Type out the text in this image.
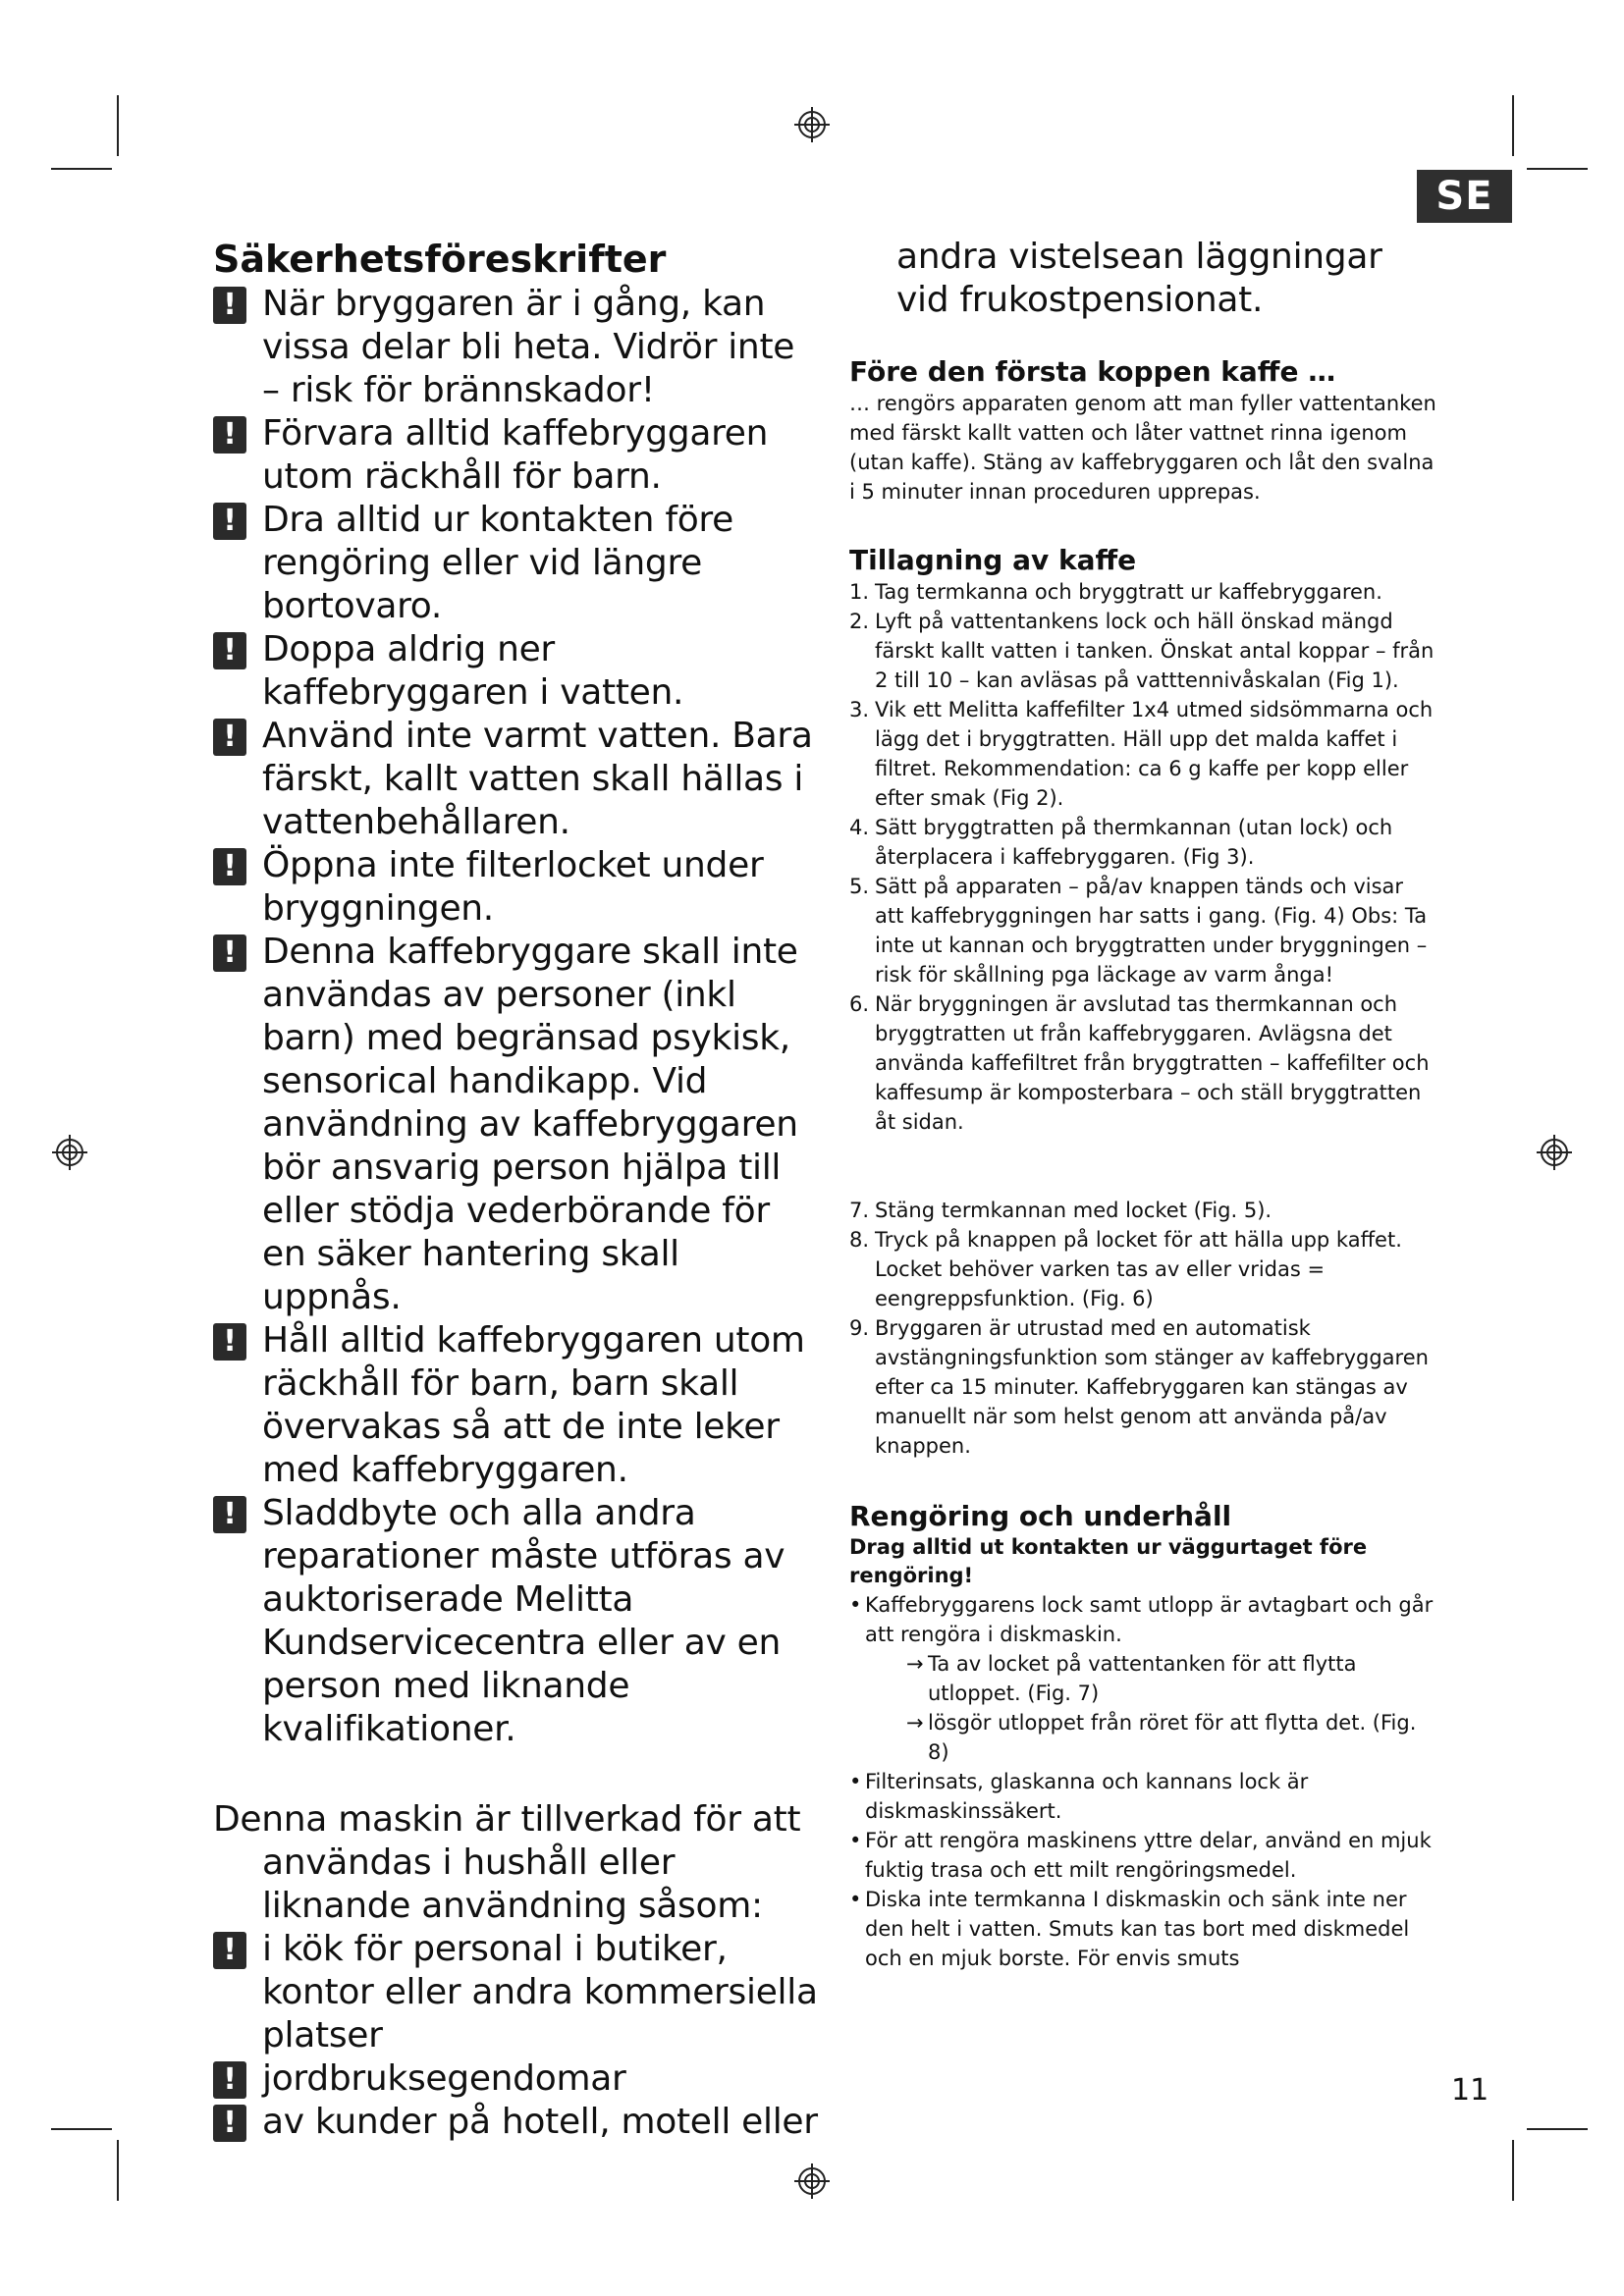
SE
Säkerhetsföreskrifter
! När bryggaren är i gång, kan vissa delar bli heta. Vidrör inte – risk för brännskador!
! Förvara alltid kaffebryggaren utom räckhåll för barn.
! Dra alltid ur kontakten före rengöring eller vid längre bortovaro.
! Doppa aldrig ner kaffebryggaren i vatten.
! Använd inte varmt vatten. Bara färskt, kallt vatten skall hällas i vattenbehållaren.
! Öppna inte filterlocket under bryggningen.
! Denna kaffebryggare skall inte användas av personer (inkl barn) med begränsad psykisk, sensorical handikapp. Vid användning av kaffebryggaren bör ansvarig person hjälpa till eller stödja vederbörande för en säker hantering skall uppnås.
! Håll alltid kaffebryggaren utom räckhåll för barn, barn skall övervakas så att de inte leker med kaffebryggaren.
! Sladdbyte och alla andra reparationer måste utföras av auktoriserade Melitta Kundservicecentra eller av en person med liknande kvalifikationer.

Denna maskin är tillverkad för att användas i hushåll eller liknande användning såsom:

! i kök för personal i butiker, kontor eller andra kommersiella platser
! jordbruksegendomar
! av kunder på hotell, motell eller

andra vistelsean läggningar vid frukostpensionat.

Före den första koppen kaffe …

… rengörs apparaten genom att man fyller vattentanken med färskt kallt vatten och låter vattnet rinna igenom (utan kaffe). Stäng av kaffebryggaren och låt den svalna i 5 minuter innan proceduren upprepas.

Tillagning av kaffe
1. Tag termkanna och bryggtratt ur kaffebryggaren.
2. Lyft på vattentankens lock och häll önskad mängd färskt kallt vatten i tanken. Önskat antal koppar – från 2 till 10 – kan avläsas på vatttennivåskalan (Fig 1).
3. Vik ett Melitta kaffefilter 1x4 utmed sidsömmarna och lägg det i bryggtratten. Häll upp det malda kaffet i filtret. Rekommendation: ca 6 g kaffe per kopp eller efter smak (Fig 2).
4. Sätt bryggtratten på thermkannan (utan lock) och återplacera i kaffebryggaren. (Fig 3).
5. Sätt på apparaten – på/av knappen tänds och visar att kaffebryggningen har satts i gang. (Fig. 4) Obs: Ta inte ut kannan och bryggtratten under bryggningen – risk för skållning pga läckage av varm ånga!
6. När bryggningen är avslutad tas thermkannan och bryggtratten ut från kaffebryggaren. Avlägsna det använda kaffefiltret från bryggtratten – kaffefilter och kaffesump är komposterbara – och ställ bryggtratten åt sidan.
7. Stäng termkannan med locket (Fig. 5).
8. Tryck på knappen på locket för att hälla upp kaffet. Locket behöver varken tas av eller vridas = eengreppsfunktion. (Fig. 6)
9. Bryggaren är utrustad med en automatisk avstängningsfunktion som stänger av kaffebryggaren efter ca 15 minuter. Kaffebryggaren kan stängas av manuellt när som helst genom att använda på/av knappen.
Rengöring och underhåll

Drag alltid ut kontakten ur väggurtaget före rengöring!

• Kaffebryggarens lock samt utlopp är avtagbart och går att rengöra i diskmaskin.
→ Ta av locket på vattentanken för att flytta utloppet. (Fig. 7)
→ lösgör utloppet från röret för att flytta det. (Fig. 8)
• Filterinsats, glaskanna och kannans lock är diskmaskinssäkert.
• För att rengöra maskinens yttre delar, använd en mjuk fuktig trasa och ett milt rengöringsmedel.
• Diska inte termkanna I diskmaskin och sänk inte ner den helt i vatten. Smuts kan tas bort med diskmedel och en mjuk borste. För envis smuts
11
